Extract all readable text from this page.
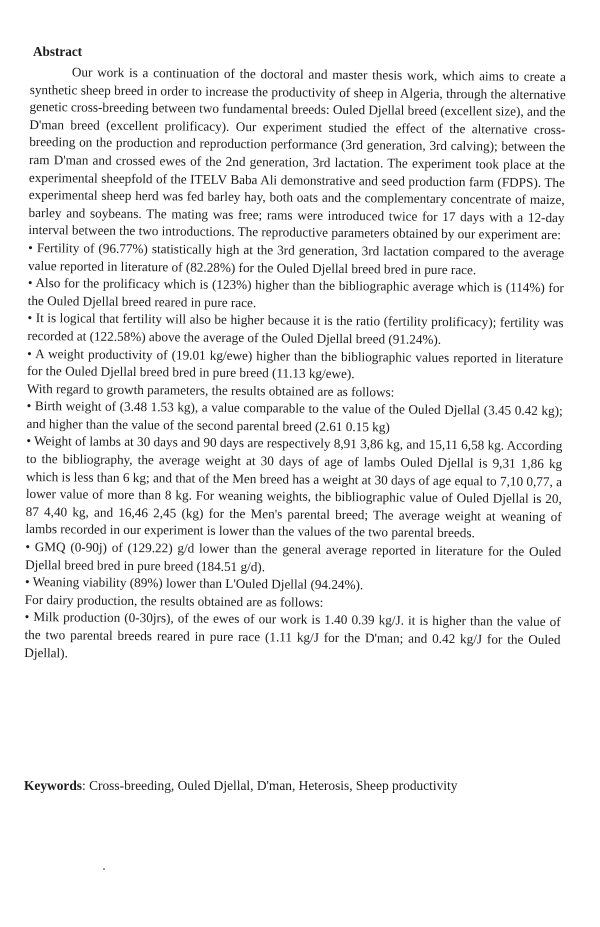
Abstract

Our work is a continuation of the doctoral and master thesis work, which aims to create a synthetic sheep breed in order to increase the productivity of sheep in Algeria, through the alternative genetic cross-breeding between two fundamental breeds: Ouled Djellal breed (excellent size), and the D'man breed (excellent prolificacy). Our experiment studied the effect of the alternative cross-breeding on the production and reproduction performance (3rd generation, 3rd calving); between the ram D'man and crossed ewes of the 2nd generation, 3rd lactation. The experiment took place at the experimental sheepfold of the ITELV Baba Ali demonstrative and seed production farm (FDPS). The experimental sheep herd was fed barley hay, both oats and the complementary concentrate of maize, barley and soybeans. The mating was free; rams were introduced twice for 17 days with a 12-day interval between the two introductions. The reproductive parameters obtained by our experiment are:

• Fertility of (96.77%) statistically high at the 3rd generation, 3rd lactation compared to the average value reported in literature of (82.28%) for the Ouled Djellal breed bred in pure race.

• Also for the prolificacy which is (123%) higher than the bibliographic average which is (114%) for the Ouled Djellal breed reared in pure race.

• It is logical that fertility will also be higher because it is the ratio (fertility prolificacy); fertility was recorded at (122.58%) above the average of the Ouled Djellal breed (91.24%).

• A weight productivity of (19.01 kg/ewe) higher than the bibliographic values reported in literature for the Ouled Djellal breed bred in pure breed (11.13 kg/ewe).

With regard to growth parameters, the results obtained are as follows:

• Birth weight of (3.48 1.53 kg), a value comparable to the value of the Ouled Djellal (3.45 0.42 kg); and higher than the value of the second parental breed (2.61 0.15 kg)

• Weight of lambs at 30 days and 90 days are respectively 8,91 3,86 kg, and 15,11 6,58 kg. According to the bibliography, the average weight at 30 days of age of lambs Ouled Djellal is 9,31 1,86 kg which is less than 6 kg; and that of the Men breed has a weight at 30 days of age equal to 7,10 0,77, a lower value of more than 8 kg. For weaning weights, the bibliographic value of Ouled Djellal is 20, 87 4,40 kg, and 16,46 2,45 (kg) for the Men's parental breed; The average weight at weaning of lambs recorded in our experiment is lower than the values of the two parental breeds.

• GMQ (0-90j) of (129.22) g/d lower than the general average reported in literature for the Ouled Djellal breed bred in pure breed (184.51 g/d).

• Weaning viability (89%) lower than L'Ouled Djellal (94.24%).

For dairy production, the results obtained are as follows:

• Milk production (0-30jrs), of the ewes of our work is 1.40 0.39 kg/J. it is higher than the value of the two parental breeds reared in pure race (1.11 kg/J for the D'man; and 0.42 kg/J for the Ouled Djellal).

Keywords: Cross-breeding, Ouled Djellal, D'man, Heterosis, Sheep productivity
